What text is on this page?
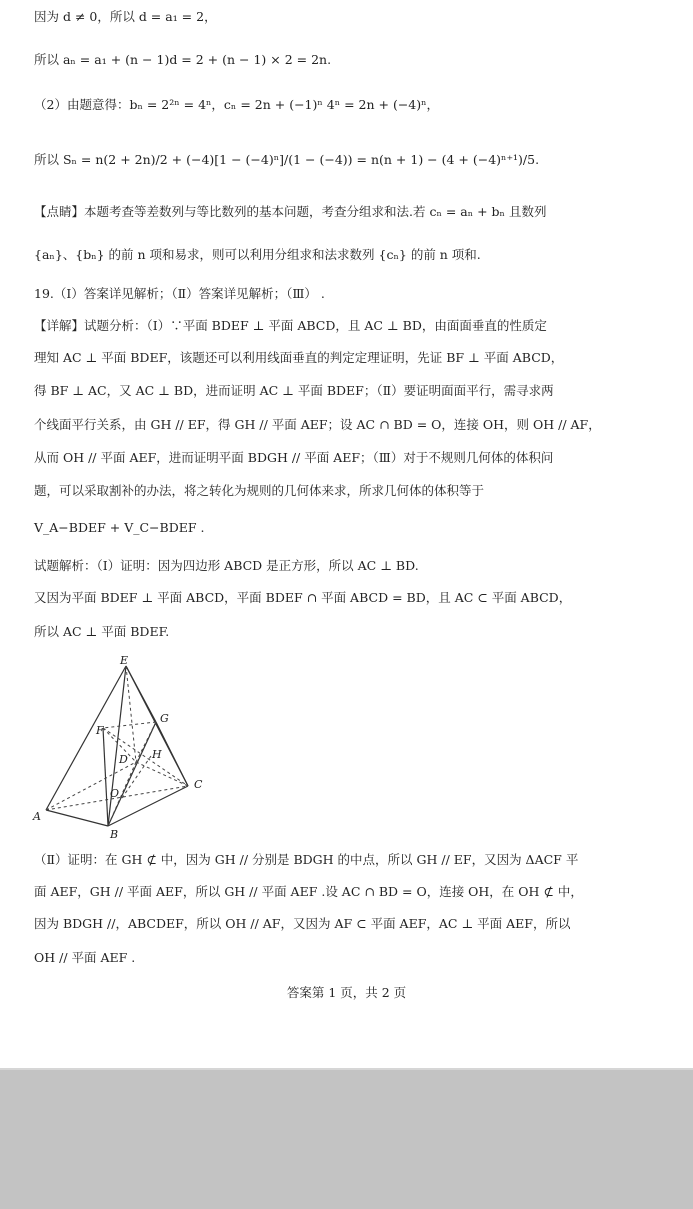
因为 d ≠ 0，所以 d = a₁ = 2，
所以 aₙ = a₁ + (n − 1)d = 2 + (n − 1) × 2 = 2n.
（2）由题意得：bₙ = 2²ⁿ = 4ⁿ，cₙ = 2n + (−1)ⁿ 4ⁿ = 2n + (−4)ⁿ，
所以 Sₙ = n(2 + 2n)/2 + (−4)[1 − (−4)ⁿ]/(1 − (−4)) = n(n + 1) − (4 + (−4)ⁿ⁺¹)/5.
【点睛】本题考查等差数列与等比数列的基本问题，考查分组求和法.若 cₙ = aₙ + bₙ 且数列
{aₙ}、{bₙ} 的前 n 项和易求，则可以利用分组求和法求数列 {cₙ} 的前 n 项和.
19.（Ⅰ）答案详见解析；（Ⅱ）答案详见解析；（Ⅲ） .
【详解】试题分析：（Ⅰ）∵平面 BDEF ⊥ 平面 ABCD，且 AC ⊥ BD，由面面垂直的性质定
理知 AC ⊥ 平面 BDEF，该题还可以利用线面垂直的判定定理证明，先证 BF ⊥ 平面 ABCD，
得 BF ⊥ AC，又 AC ⊥ BD，进而证明 AC ⊥ 平面 BDEF；（Ⅱ）要证明面面平行，需寻求两
个线面平行关系，由 GH // EF，得 GH // 平面 AEF；设 AC ∩ BD = O，连接 OH，则 OH // AF，
从而 OH // 平面 AEF，进而证明平面 BDGH // 平面 AEF；（Ⅲ）对于不规则几何体的体积问
题，可以采取割补的办法，将之转化为规则的几何体来求，所求几何体的体积等于
V_A−BDEF + V_C−BDEF .
试题解析：（Ⅰ）证明：因为四边形 ABCD 是正方形，所以 AC ⊥ BD.
又因为平面 BDEF ⊥ 平面 ABCD，平面 BDEF ∩ 平面 ABCD = BD，且 AC ⊂ 平面 ABCD，
所以 AC ⊥ 平面 BDEF.
E
G
F
D H
C
O
A
B
（Ⅱ）证明：在 GH ⊄ 中，因为 GH // 分别是 BDGH 的中点，所以 GH // EF，又因为 ΔACF 平
面 AEF，GH // 平面 AEF，所以 GH // 平面 AEF .设 AC ∩ BD = O，连接 OH，在 OH ⊄ 中，
因为 BDGH //，ABCDEF，所以 OH // AF，又因为 AF ⊂ 平面 AEF，AC ⊥ 平面 AEF，所以
OH // 平面 AEF .
答案第 1 页，共 2 页
